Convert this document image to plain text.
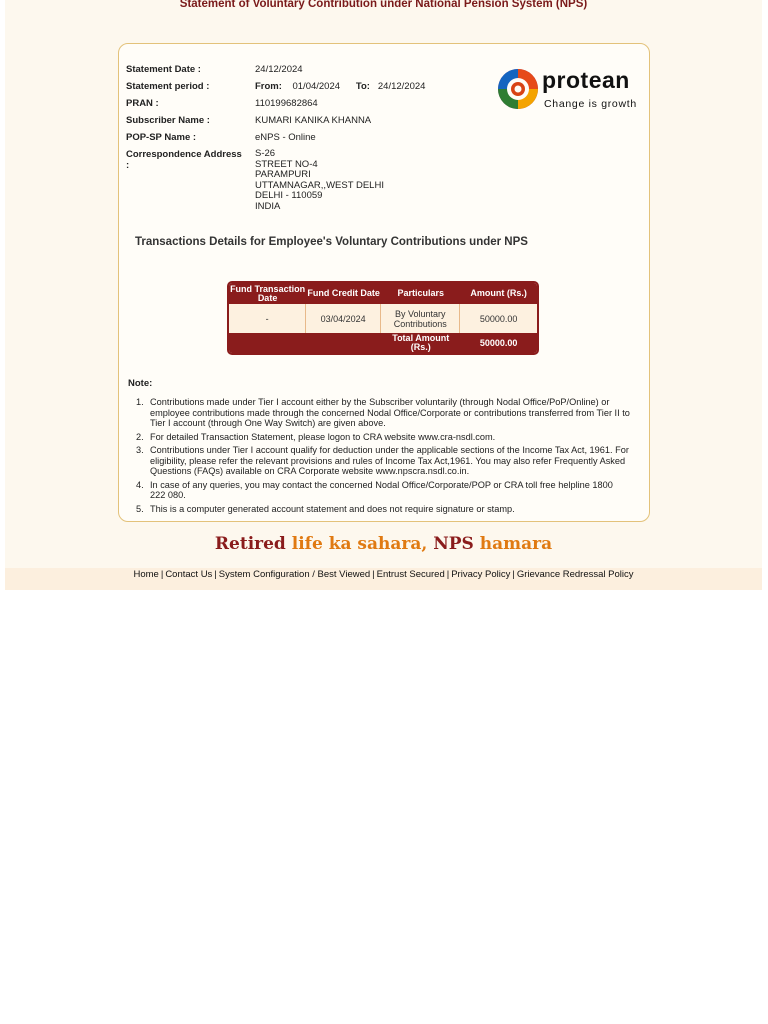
Statement of Voluntary Contribution under National Pension System (NPS)
Statement Date :	24/12/2024
Statement period :	From: 01/04/2024 To: 24/12/2024
PRAN :	110199682864
Subscriber Name :	KUMARI KANIKA KHANNA
POP-SP Name :	eNPS - Online
Correspondence Address
:
S-26
STREET NO-4
PARAMPURI
UTTAMNAGAR,,WEST DELHI
DELHI - 110059
INDIA
protean
Change is growth
Transactions Details for Employee's Voluntary Contributions under NPS
Fund Transaction Date	Fund Credit Date	Particulars	Amount (Rs.)
-	03/04/2024	By Voluntary Contributions	50000.00
		Total Amount (Rs.)	50000.00
Note:
1. Contributions made under Tier I account either by the Subscriber voluntarily (through Nodal Office/PoP/Online) or employee contributions made through the concerned Nodal Office/Corporate or contributions transferred from Tier II to Tier I account (through One Way Switch) are given above.
2. For detailed Transaction Statement, please logon to CRA website www.cra-nsdl.com.
3. Contributions under Tier I account qualify for deduction under the applicable sections of the Income Tax Act, 1961. For eligibility, please refer the relevant provisions and rules of Income Tax Act,1961. You may also refer Frequently Asked Questions (FAQs) available on CRA Corporate website www.npscra.nsdl.co.in.
4. In case of any queries, you may contact the concerned Nodal Office/Corporate/POP or CRA toll free helpline 1800 222 080.
5. This is a computer generated account statement and does not require signature or stamp.
Retired life ka sahara, NPS hamara
Home | Contact Us | System Configuration / Best Viewed | Entrust Secured | Privacy Policy | Grievance Redressal Policy
